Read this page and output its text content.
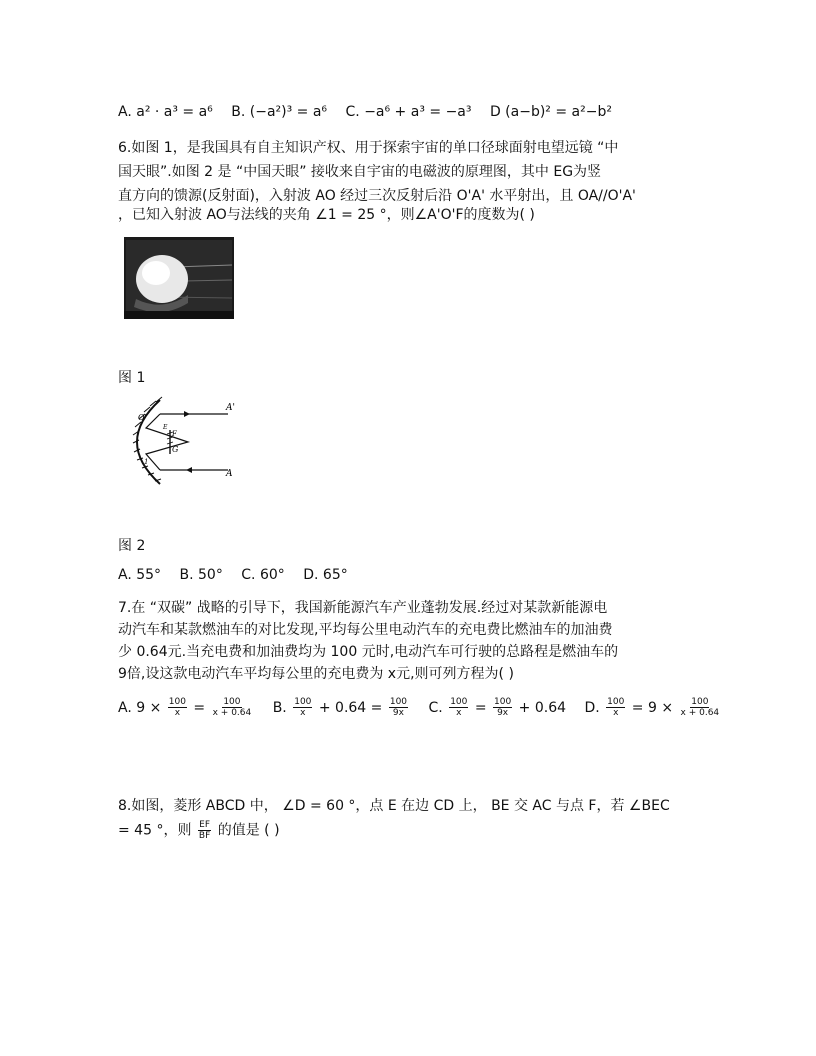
A. a² · a³ = a⁶ B. (−a²)³ = a⁶ C. −a⁶ + a³ = −a³ D (a−b)² = a²−b²
6.如图 1，是我国具有自主知识产权、用于探索宇宙的单口径球面射电望远镜 “中
国天眼”.如图 2 是 “中国天眼” 接收来自宇宙的电磁波的原理图，其中 EG为竖
直方向的馈源(反射面)，入射波 AO 经过三次反射后沿 O'A' 水平射出，且 OA//O'A'
，已知入射波 AO与法线的夹角 ∠1 = 25 °，则∠A'O'F的度数为( )
图 1
A'
A
O'
F
G
E
1
图 2
A. 55° B. 50° C. 60° D. 65°
7.在 “双碳” 战略的引导下，我国新能源汽车产业蓬勃发展.经过对某款新能源电
动汽车和某款燃油车的对比发现,平均每公里电动汽车的充电费比燃油车的加油费
少 0.64元.当充电费和加油费均为 100 元时,电动汽车可行驶的总路程是燃油车的
9倍,设这款电动汽车平均每公里的充电费为 x元,则可列方程为( )
A. $9 \times \frac{100}{x} = \frac{100}{x + 0.64} B$. $\frac{100}{x} + 0.64 = \frac{100}{9x} C$. $\frac{100}{x} = \frac{100}{9x} + 0.64$ D. $\frac{100}{x} = 9 \times \frac{100}{x + 0.64}$
8.如图，菱形 ABCD 中， ∠D = 60 °，点 E 在边 CD 上， BE 交 AC 与点 F，若 ∠BEC
= 45 °，则 $\frac{EF}{BF}$ 的值是 ( )
